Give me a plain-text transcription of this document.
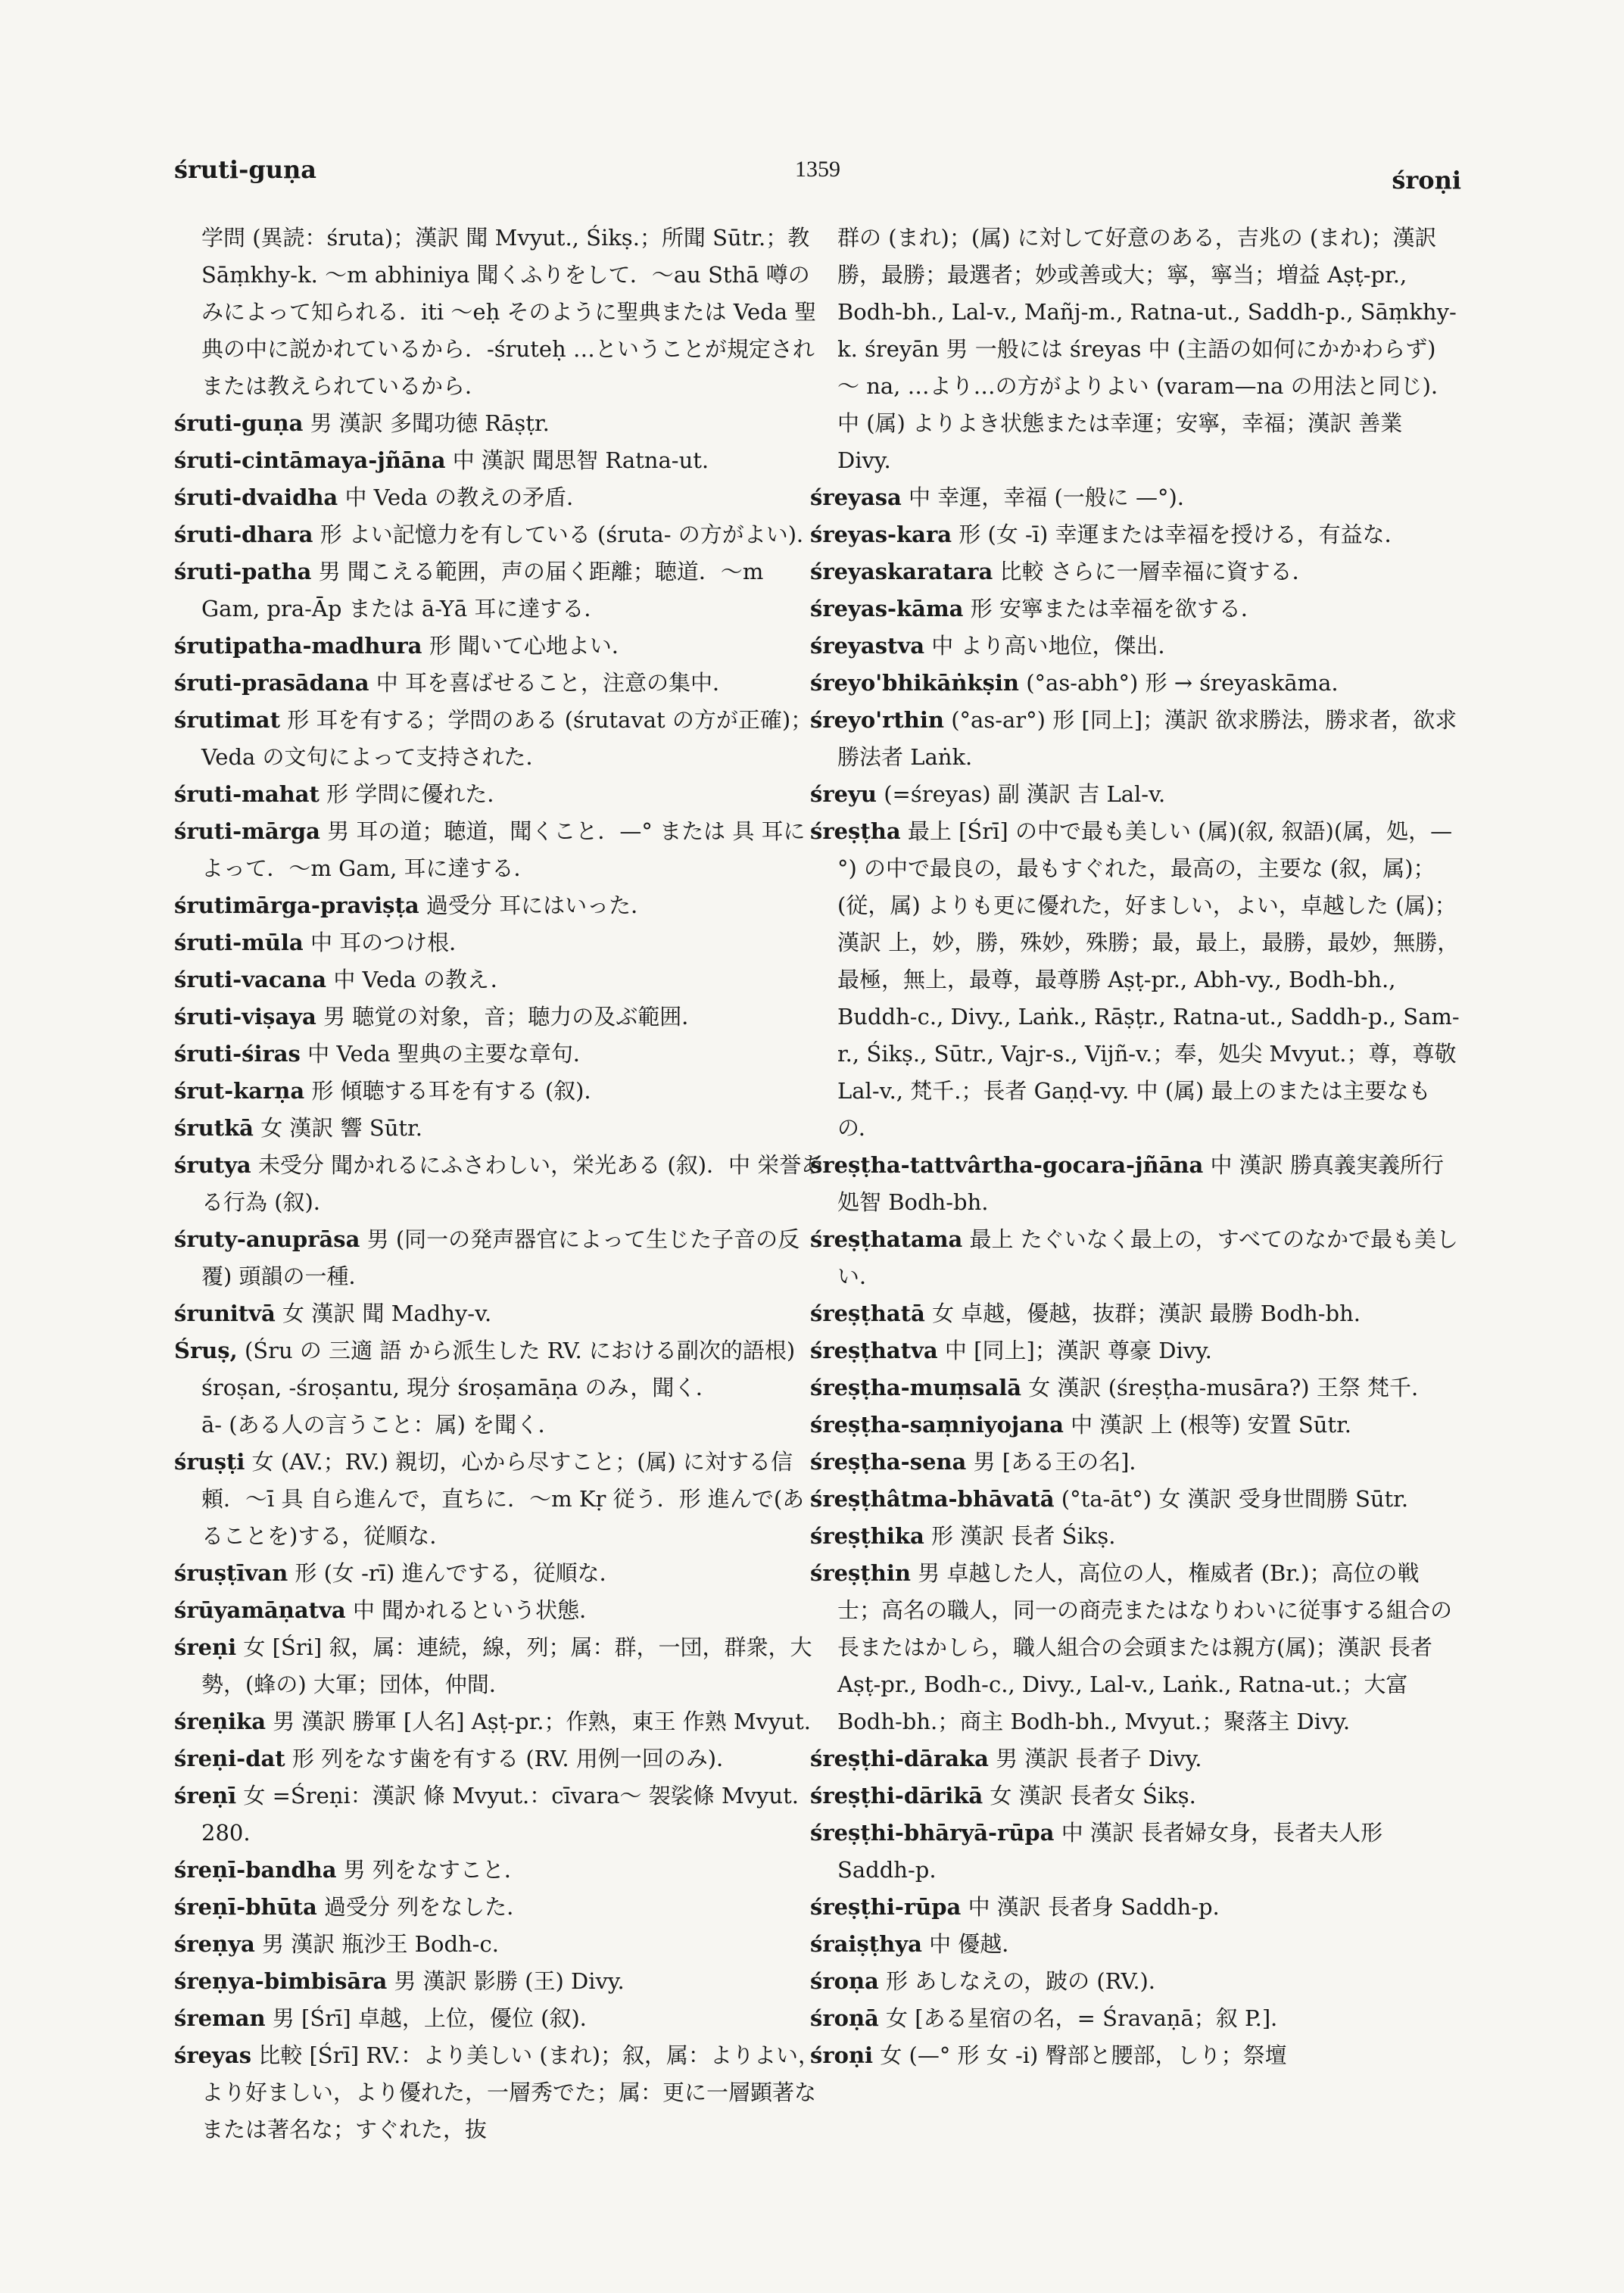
śruti-guṇa	1359	śroṇi
学問 (異読：śruta)；漢訳 聞 Mvyut., Śikṣ.；所聞 Sūtr.；教 Sāṃkhy-k. ～m abhiniya 聞くふりをして．～au Sthā 噂のみによって知られる．iti ～eḥ そのように聖典または Veda 聖典の中に説かれているから．-śruteḥ …ということが規定されまたは教えられているから．
śruti-guṇa 男 漢訳 多聞功徳 Rāṣṭr.
śruti-cintāmaya-jñāna 中 漢訳 聞思智 Ratna-ut.
śruti-dvaidha 中 Veda の教えの矛盾．
śruti-dhara 形 よい記憶力を有している (śruta- の方がよい)．
śruti-patha 男 聞こえる範囲，声の届く距離；聴道．～m Gam, pra-Āp または ā-Yā 耳に達する．
śrutipatha-madhura 形 聞いて心地よい．
śruti-prasādana 中 耳を喜ばせること，注意の集中．
śrutimat 形 耳を有する；学問のある (śrutavat の方が正確)；Veda の文句によって支持された．
śruti-mahat 形 学問に優れた．
śruti-mārga 男 耳の道；聴道，聞くこと．—° または 具 耳によって．～m Gam, 耳に達する．
śrutimārga-praviṣṭa 過受分 耳にはいった．
śruti-mūla 中 耳のつけ根．
śruti-vacana 中 Veda の教え．
śruti-viṣaya 男 聴覚の対象，音；聴力の及ぶ範囲．
śruti-śiras 中 Veda 聖典の主要な章句．
śrut-karṇa 形 傾聴する耳を有する (叙)．
śrutkā 女 漢訳 響 Sūtr.
śrutya 未受分 聞かれるにふさわしい，栄光ある (叙)．中 栄誉ある行為 (叙)．
śruty-anuprāsa 男 (同一の発声器官によって生じた子音の反覆) 頭韻の一種．
śrunitvā 女 漢訳 聞 Madhy-v.
Śruṣ, (Śru の 三適 語 から派生した RV. における副次的語根) śroṣan, -śroṣantu, 現分 śroṣamāṇa のみ，聞く．
ā- (ある人の言うこと：属) を聞く．
śruṣṭi 女 (AV.；RV.) 親切，心から尽すこと；(属) に対する信頼．～ī 具 自ら進んで，直ちに．～m Kṛ 従う．形 進んで(あることを)する，従順な．
śruṣṭīvan 形 (女 -rī) 進んでする，従順な．
śrūyamāṇatva 中 聞かれるという状態．
śreṇi 女 [Śri] 叙，属：連続，線，列；属：群，一団，群衆，大勢，(蜂の) 大軍；団体，仲間．
śreṇika 男 漢訳 勝軍 [人名] Aṣṭ-pr.；作熟，東王 作熟 Mvyut.
śreṇi-dat 形 列をなす歯を有する (RV. 用例一回のみ)．
śreṇī 女 =Śreṇi：漢訳 條 Mvyut.：cīvara～ 袈裟條 Mvyut. 280.
śreṇī-bandha 男 列をなすこと．
śreṇī-bhūta 過受分 列をなした．
śreṇya 男 漢訳 瓶沙王 Bodh-c.
śreṇya-bimbisāra 男 漢訳 影勝 (王) Divy.
śreman 男 [Śrī] 卓越，上位，優位 (叙)．
śreyas 比較 [Śrī] RV.：より美しい (まれ)；叙，属：よりよい，より好ましい，より優れた，一層秀でた；属：更に一層顕著なまたは著名な；すぐれた，抜
群の (まれ)；(属) に対して好意のある，吉兆の (まれ)；漢訳 勝，最勝；最選者；妙或善或大；寧，寧当；増益 Aṣṭ-pr., Bodh-bh., Lal-v., Mañj-m., Ratna-ut., Saddh-p., Sāṃkhy-k. śreyān 男 一般には śreyas 中 (主語の如何にかかわらず) ～ na, …より…の方がよりよい (varam—na の用法と同じ)．中 (属) よりよき状態または幸運；安寧，幸福；漢訳 善業 Divy.
śreyasa 中 幸運，幸福 (一般に —°)．
śreyas-kara 形 (女 -ī) 幸運または幸福を授ける，有益な．
śreyaskaratara 比較 さらに一層幸福に資する．
śreyas-kāma 形 安寧または幸福を欲する．
śreyastva 中 より高い地位，傑出．
śreyo'bhikāṅkṣin (°as-abh°) 形 → śreyaskāma.
śreyo'rthin (°as-ar°) 形 [同上]；漢訳 欲求勝法，勝求者，欲求勝法者 Laṅk.
śreyu (=śreyas) 副 漢訳 吉 Lal-v.
śreṣṭha 最上 [Śrī] の中で最も美しい (属)(叙, 叙語)(属，処，—°) の中で最良の，最もすぐれた，最高の，主要な (叙，属)；(従，属) よりも更に優れた，好ましい，よい，卓越した (属)；漢訳 上，妙，勝，殊妙，殊勝；最，最上，最勝，最妙，無勝，最極，無上，最尊，最尊勝 Aṣṭ-pr., Abh-vy., Bodh-bh., Buddh-c., Divy., Laṅk., Rāṣṭr., Ratna-ut., Saddh-p., Sam-r., Śikṣ., Sūtr., Vajr-s., Vijñ-v.；奉，処尖 Mvyut.；尊，尊敬 Lal-v., 梵千.；長者 Gaṇḍ-vy. 中 (属) 最上のまたは主要なもの．
śreṣṭha-tattvârtha-gocara-jñāna 中 漢訳 勝真義実義所行処智 Bodh-bh.
śreṣṭhatama 最上 たぐいなく最上の，すべてのなかで最も美しい．
śreṣṭhatā 女 卓越，優越，抜群；漢訳 最勝 Bodh-bh.
śreṣṭhatva 中 [同上]；漢訳 尊豪 Divy.
śreṣṭha-muṃsalā 女 漢訳 (śreṣṭha-musāra?) 王祭 梵千.
śreṣṭha-saṃniyojana 中 漢訳 上 (根等) 安置 Sūtr.
śreṣṭha-sena 男 [ある王の名]．
śreṣṭhâtma-bhāvatā (°ta-āt°) 女 漢訳 受身世間勝 Sūtr.
śreṣṭhika 形 漢訳 長者 Śikṣ.
śreṣṭhin 男 卓越した人，高位の人，権威者 (Br.)；高位の戦士；高名の職人，同一の商売またはなりわいに従事する組合の長またはかしら，職人組合の会頭または親方(属)；漢訳 長者 Aṣṭ-pr., Bodh-c., Divy., Lal-v., Laṅk., Ratna-ut.；大富 Bodh-bh.；商主 Bodh-bh., Mvyut.；聚落主 Divy.
śreṣṭhi-dāraka 男 漢訳 長者子 Divy.
śreṣṭhi-dārikā 女 漢訳 長者女 Śikṣ.
śreṣṭhi-bhāryā-rūpa 中 漢訳 長者婦女身，長者夫人形 Saddh-p.
śreṣṭhi-rūpa 中 漢訳 長者身 Saddh-p.
śraiṣṭhya 中 優越．
śroṇa 形 あしなえの，跛の (RV.)．
śroṇā 女 [ある星宿の名，= Śravaṇā；叙 P.]．
śroṇi 女 (—° 形 女 -i) 臀部と腰部，しり；祭壇
